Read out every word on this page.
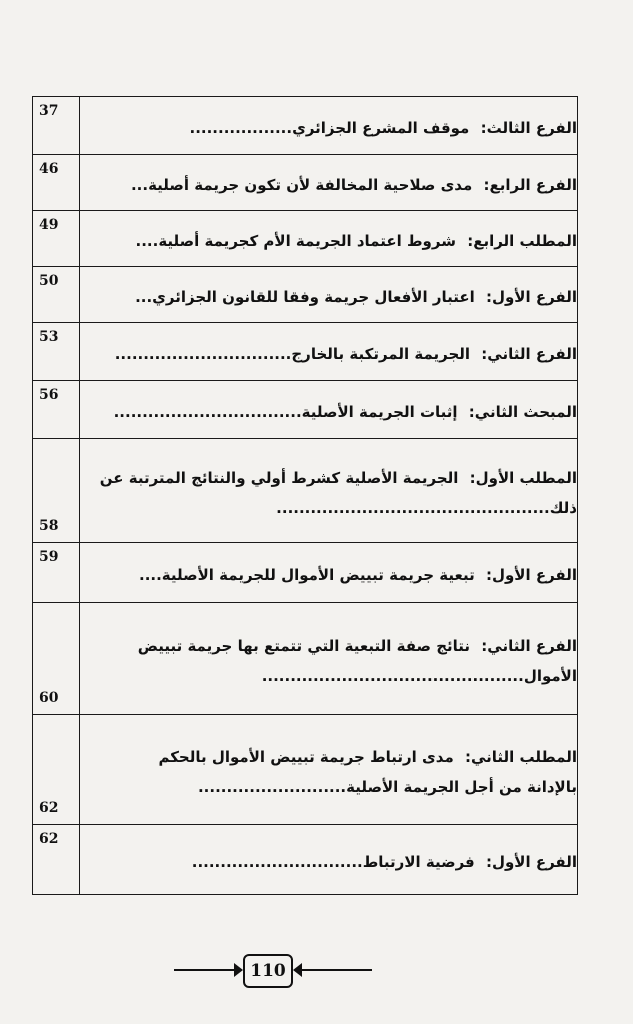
37	الفرع الثالث: موقف المشرع الجزائري..................

46	الفرع الرابع: مدى صلاحية المخالفة لأن تكون جريمة أصلية...

49	المطلب الرابع: شروط اعتماد الجريمة الأم كجريمة أصلية....

50	الفرع الأول: اعتبار الأفعال جريمة وفقا للقانون الجزائري...

53	الفرع الثاني: الجريمة المرتكبة بالخارج...............................

56	المبحث الثاني: إثبات الجريمة الأصلية.................................

58	المطلب الأول: الجريمة الأصلية كشرط أولي والنتائج المترتبة عن
ذلك................................................

59	الفرع الأول: تبعية جريمة تبييض الأموال للجريمة الأصلية....

60	الفرع الثاني: نتائج صفة التبعية التي تتمتع بها جريمة تبييض
الأموال..............................................

62	المطلب الثاني: مدى ارتباط جريمة تبييض الأموال بالحكم
بالإدانة من أجل الجريمة الأصلية..........................

62	الفرع الأول: فرضية الارتباط..............................
110
